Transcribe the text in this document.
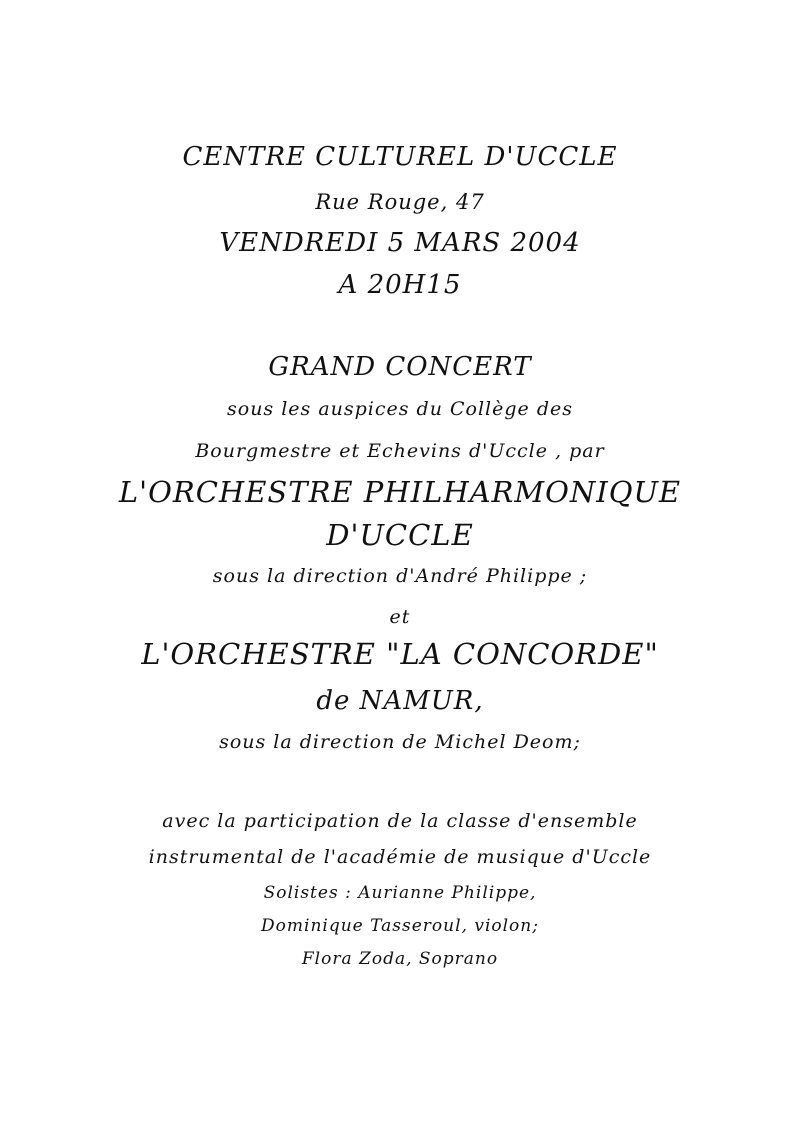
CENTRE CULTUREL D'UCCLE
Rue Rouge, 47
VENDREDI 5 MARS 2004
A 20H15
GRAND CONCERT
sous les auspices du Collège des
Bourgmestre et Echevins d'Uccle , par
L'ORCHESTRE PHILHARMONIQUE
D'UCCLE
sous la direction d'André Philippe ;
et
L'ORCHESTRE "LA CONCORDE"
de NAMUR,
sous la direction de Michel Deom;
avec la participation de la classe d'ensemble
instrumental de l'académie de musique d'Uccle
Solistes : Aurianne Philippe,
Dominique Tasseroul, violon;
Flora Zoda, Soprano
